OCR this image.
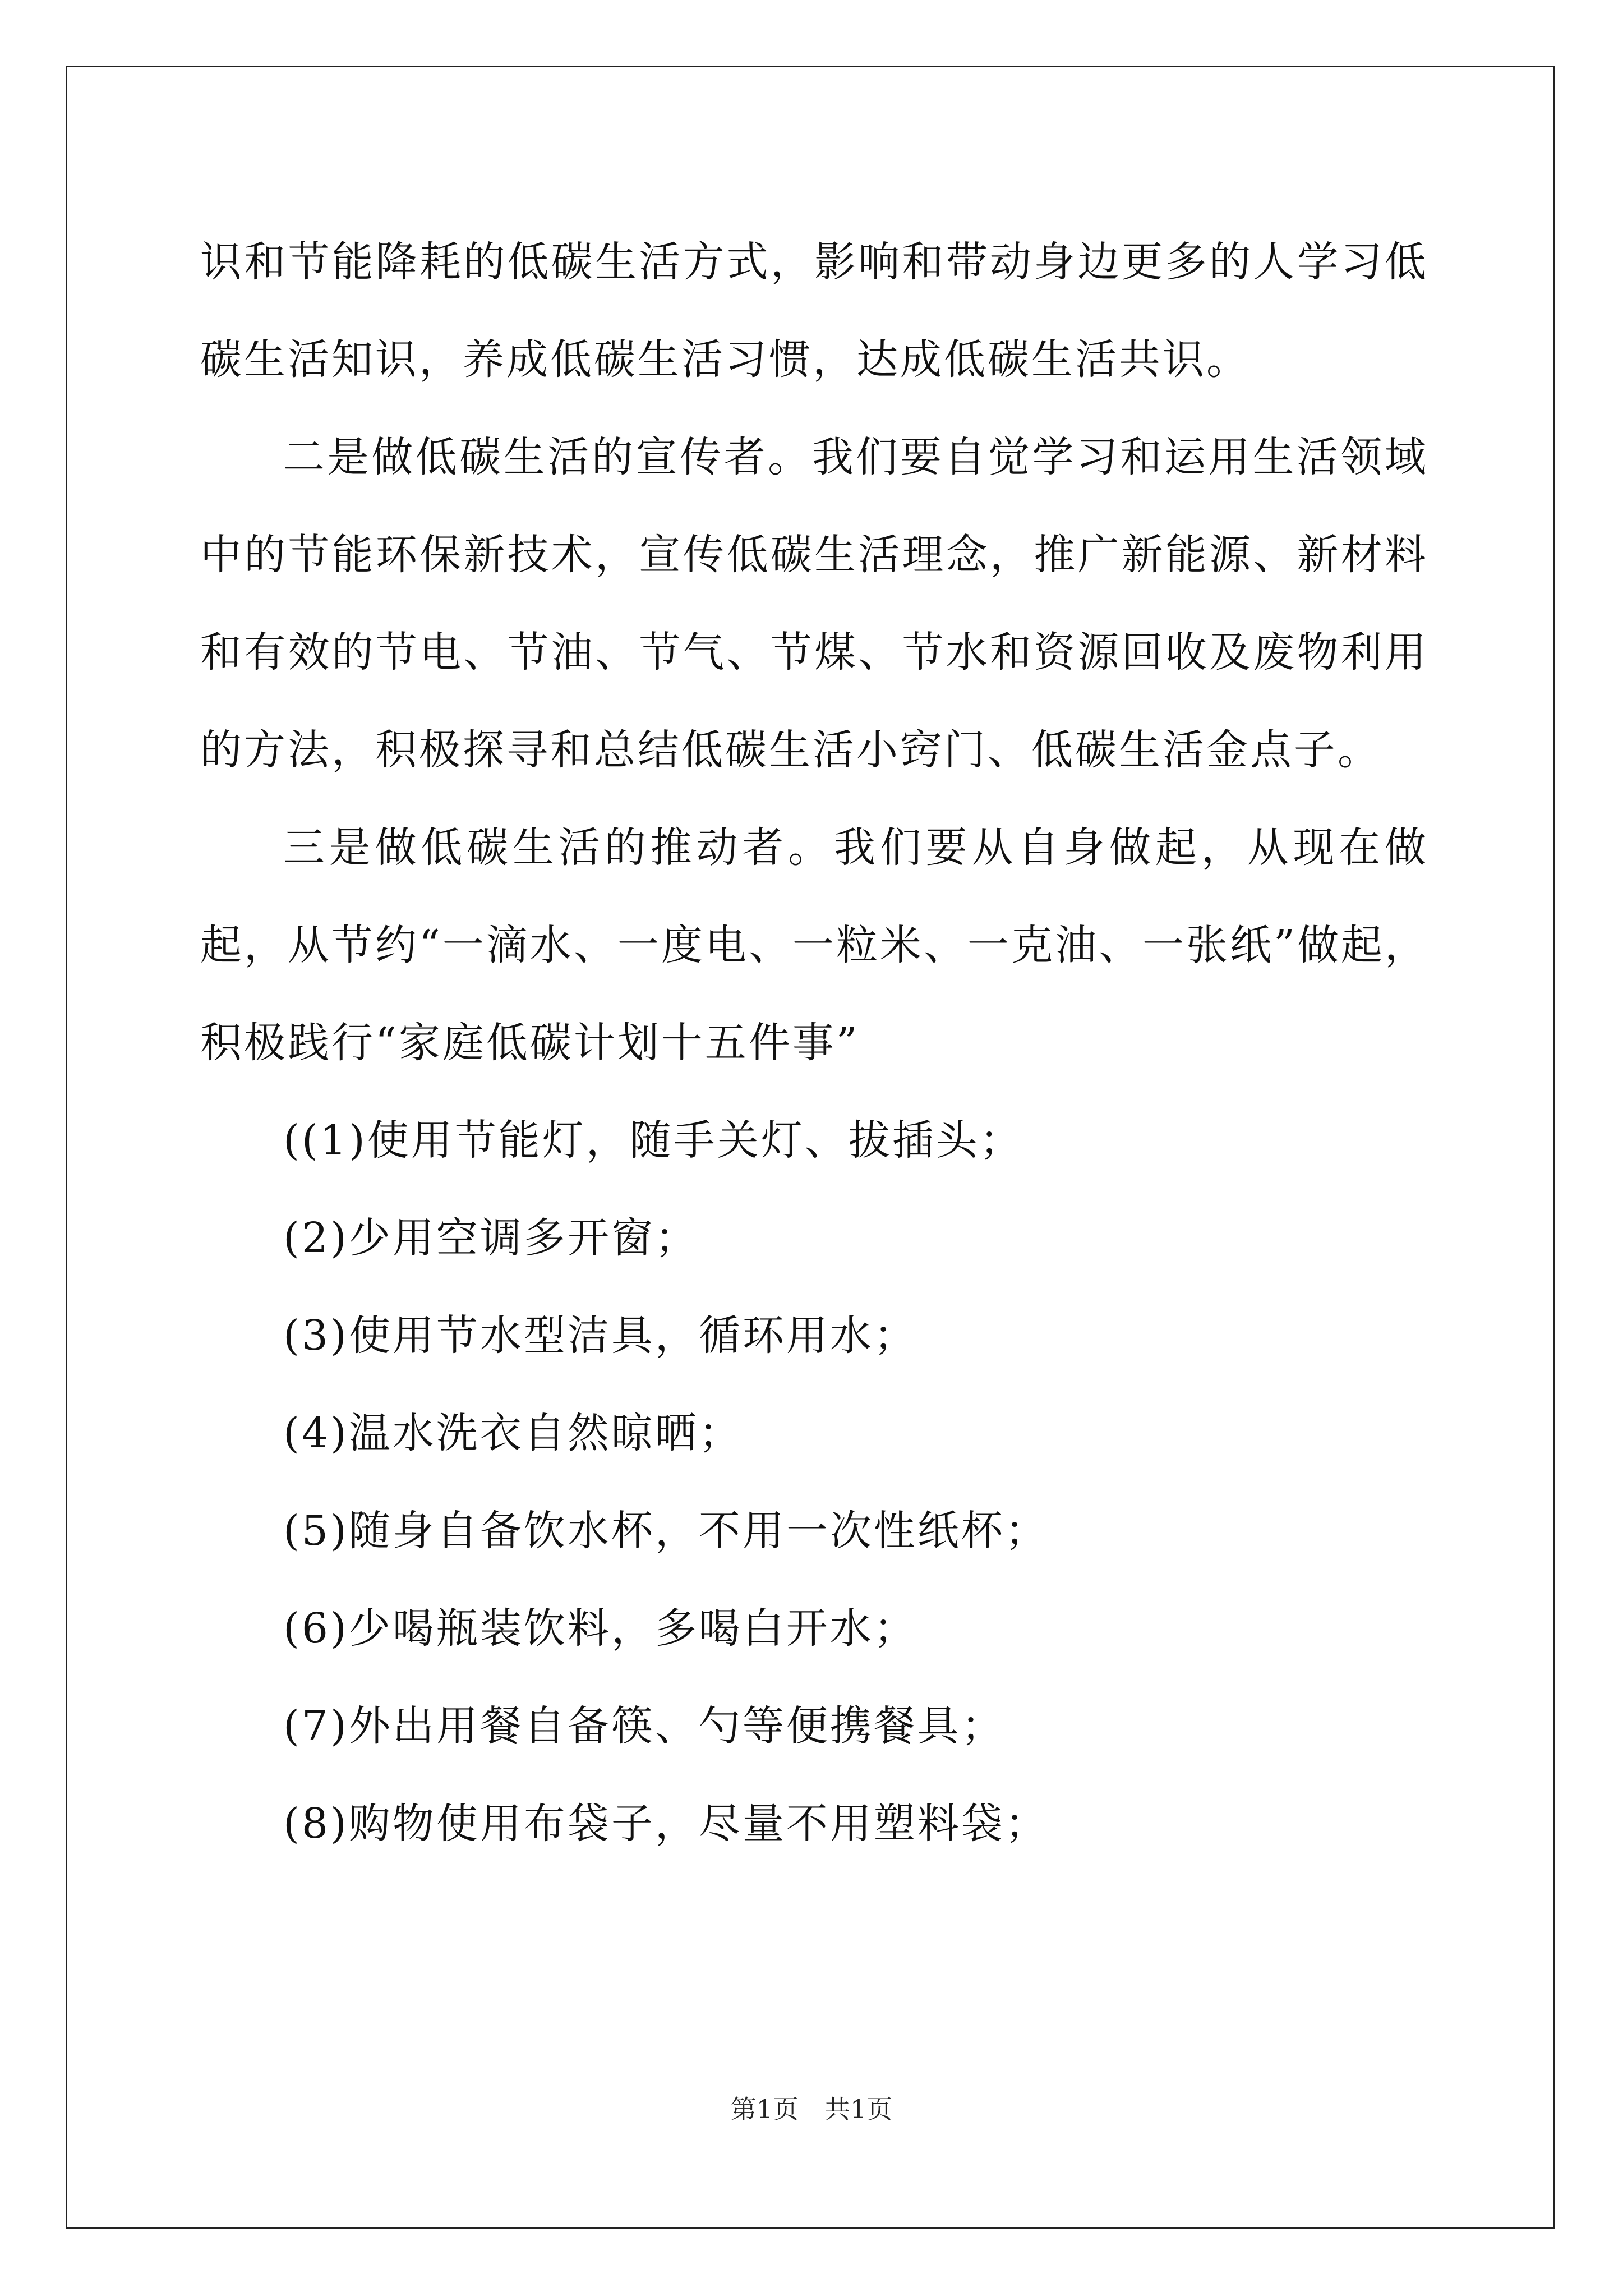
识和节能降耗的低碳生活方式，影响和带动身边更多的人学习低碳生活知识，养成低碳生活习惯，达成低碳生活共识。

二是做低碳生活的宣传者。我们要自觉学习和运用生活领域中的节能环保新技术，宣传低碳生活理念，推广新能源、新材料和有效的节电、节油、节气、节煤、节水和资源回收及废物利用的方法，积极探寻和总结低碳生活小窍门、低碳生活金点子。

三是做低碳生活的推动者。我们要从自身做起，从现在做起，从节约“一滴水、一度电、一粒米、一克油、一张纸”做起，积极践行“家庭低碳计划十五件事”

((1)使用节能灯，随手关灯、拔插头；

(2)少用空调多开窗；

(3)使用节水型洁具，循环用水；

(4)温水洗衣自然晾晒；

(5)随身自备饮水杯，不用一次性纸杯；

(6)少喝瓶装饮料，多喝白开水；

(7)外出用餐自备筷、勺等便携餐具；

(8)购物使用布袋子，尽量不用塑料袋；

第1页 共1页
